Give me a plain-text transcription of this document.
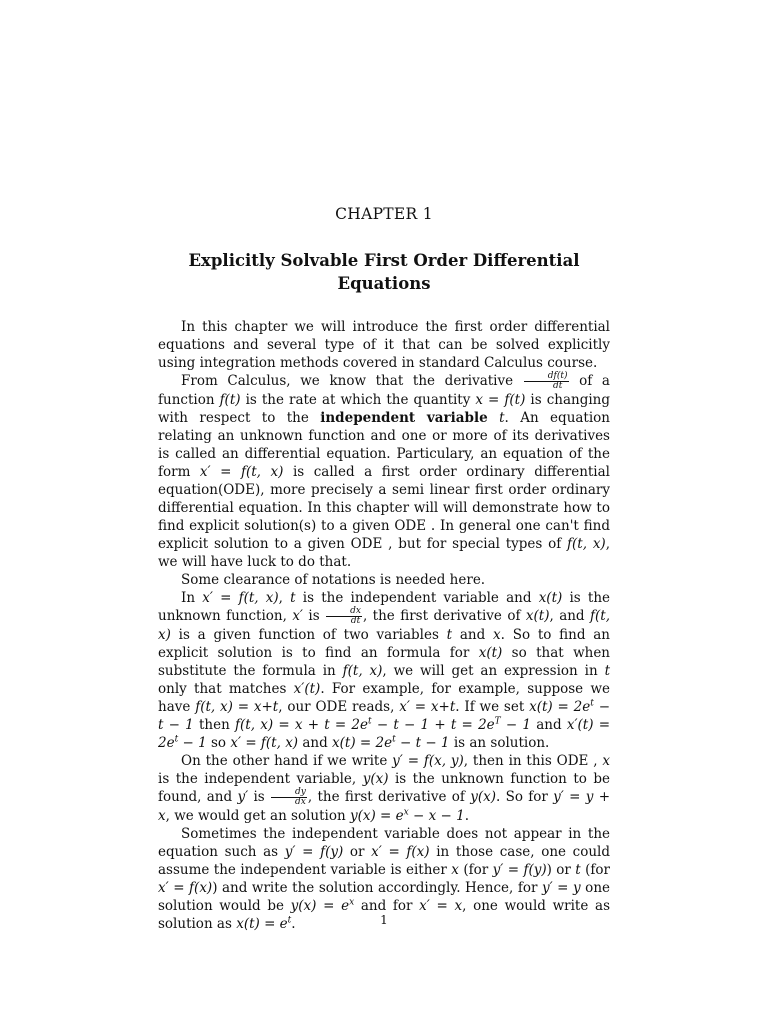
CHAPTER 1
Explicitly Solvable First Order Differential Equations

In this chapter we will introduce the first order differential equations and several type of it that can be solved explicitly using integration methods covered in standard Calculus course.

From Calculus, we know that the derivative $\frac{df(t)}{dt}$ of a function f(t) is the rate at which the quantity x = f(t) is changing with respect to the independent variable t. An equation relating an unknown function and one or more of its derivatives is called an differential equation. Particulary, an equation of the form x′ = f(t, x) is called a first order ordinary differential equation(ODE), more precisely a semi linear first order ordinary differential equation. In this chapter will will demonstrate how to find explicit solution(s) to a given ODE . In general one can't find explicit solution to a given ODE , but for special types of f(t, x), we will have luck to do that.

Some clearance of notations is needed here.

In x′ = f(t, x), t is the independent variable and x(t) is the unknown function, x′ is $\frac{dx}{dt}$ , the first derivative of x(t), and f(t, x) is a given function of two variables t and x. So to find an explicit solution is to find an formula for x(t) so that when substitute the formula in f(t, x), we will get an expression in t only that matches x′(t). For example, for example, suppose we have f(t, x) = x+t, our ODE reads, x′ = x+t. If we set $x(t) = 2e^t - t - 1$ then f(t, $x) = x + t = 2e^t - t - 1 + t = 2e^T - 1$ and $x'(t) = 2e^t - 1$ so x′ = f(t, x) and $x(t) = 2e^t - t - 1$ is an solution.

On the other hand if we write y′ = f(x, y), then in this ODE , x is the independent variable, y(x) is the unknown function to be found, and y′ is $\frac{dy}{dx}$ , the first derivative of y(x). So for y′ = y + x, we would get an solution $y(x) = e^x - x - 1$.

Sometimes the independent variable does not appear in the equation such as y′ = f(y) or x′ = f(x) in those case, one could assume the independent variable is either x (for y′ = f(y)) or t (for x′ = f(x)) and write the solution accordingly. Hence, for y′ = y one solution would be $y(x) = e^x$ and for x′ = x, one would write as solution as $x(t) = e^t$.	1
